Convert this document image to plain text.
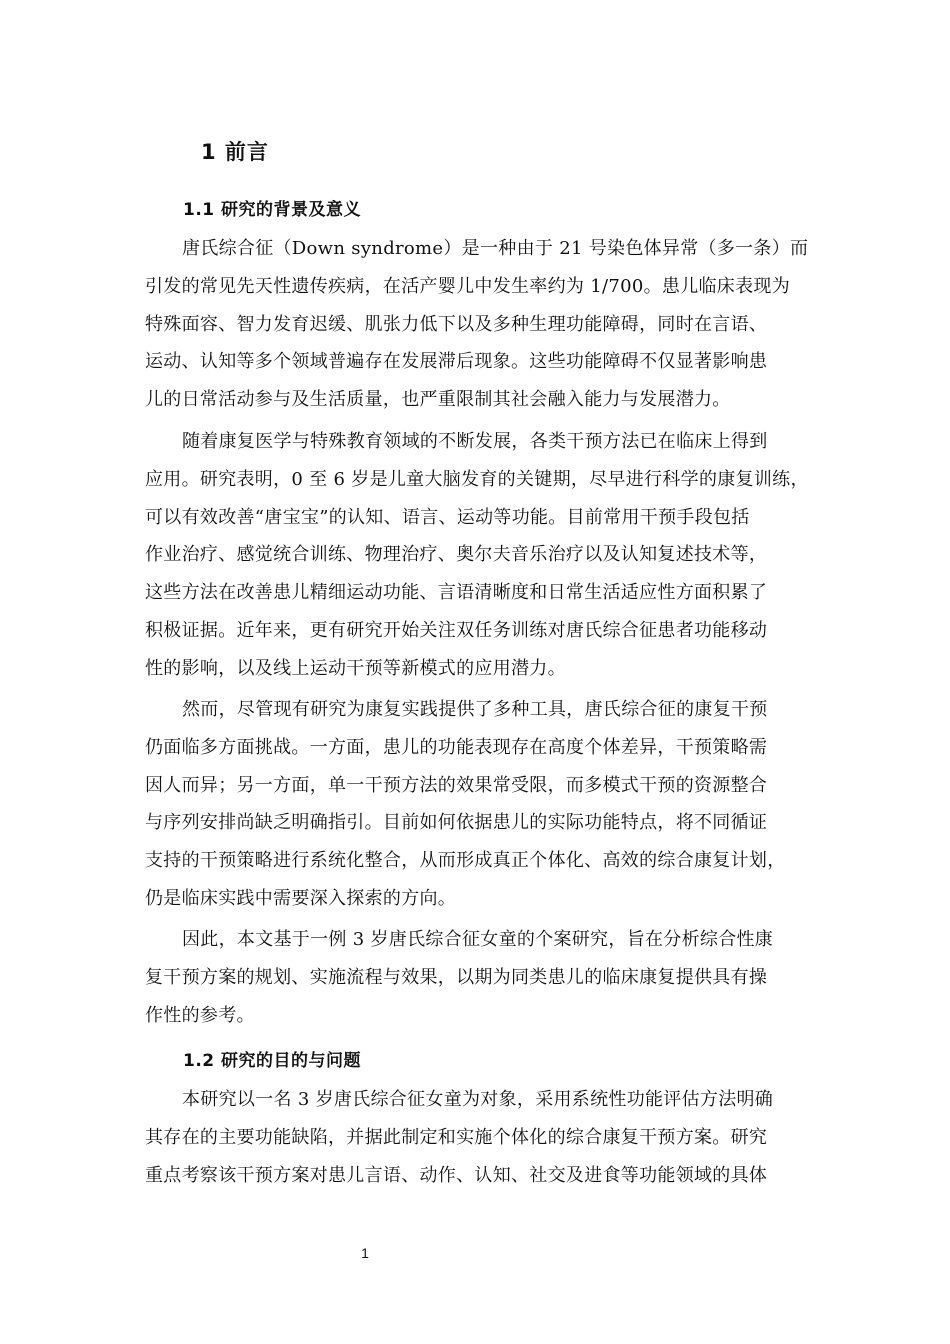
1 前言
1.1 研究的背景及意义
唐氏综合征（Down syndrome）是一种由于 21 号染色体异常（多一条）而
引发的常见先天性遗传疾病，在活产婴儿中发生率约为 1/700。患儿临床表现为
特殊面容、智力发育迟缓、肌张力低下以及多种生理功能障碍，同时在言语、
运动、认知等多个领域普遍存在发展滞后现象。这些功能障碍不仅显著影响患
儿的日常活动参与及生活质量，也严重限制其社会融入能力与发展潜力。
随着康复医学与特殊教育领域的不断发展，各类干预方法已在临床上得到
应用。研究表明，0 至 6 岁是儿童大脑发育的关键期，尽早进行科学的康复训练，
可以有效改善“唐宝宝”的认知、语言、运动等功能。目前常用干预手段包括
作业治疗、感觉统合训练、物理治疗、奥尔夫音乐治疗以及认知复述技术等，
这些方法在改善患儿精细运动功能、言语清晰度和日常生活适应性方面积累了
积极证据。近年来，更有研究开始关注双任务训练对唐氏综合征患者功能移动
性的影响，以及线上运动干预等新模式的应用潜力。
然而，尽管现有研究为康复实践提供了多种工具，唐氏综合征的康复干预
仍面临多方面挑战。一方面，患儿的功能表现存在高度个体差异，干预策略需
因人而异；另一方面，单一干预方法的效果常受限，而多模式干预的资源整合
与序列安排尚缺乏明确指引。目前如何依据患儿的实际功能特点，将不同循证
支持的干预策略进行系统化整合，从而形成真正个体化、高效的综合康复计划，
仍是临床实践中需要深入探索的方向。
因此，本文基于一例 3 岁唐氏综合征女童的个案研究，旨在分析综合性康
复干预方案的规划、实施流程与效果，以期为同类患儿的临床康复提供具有操
作性的参考。
1.2 研究的目的与问题
本研究以一名 3 岁唐氏综合征女童为对象，采用系统性功能评估方法明确
其存在的主要功能缺陷，并据此制定和实施个体化的综合康复干预方案。研究
重点考察该干预方案对患儿言语、动作、认知、社交及进食等功能领域的具体
1
